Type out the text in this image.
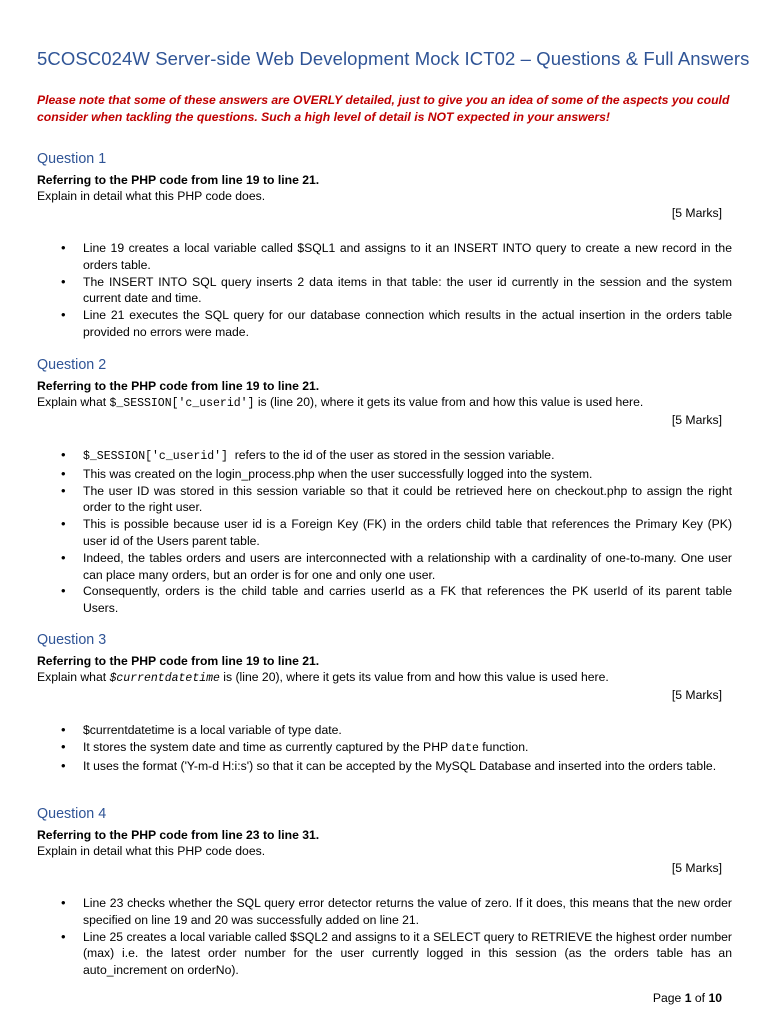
5COSC024W Server-side Web Development Mock ICT02 – Questions & Full Answers

Please note that some of these answers are OVERLY detailed, just to give you an idea of some of the aspects you could consider when tackling the questions. Such a high level of detail is NOT expected in your answers!

Question 1
Referring to the PHP code from line 19 to line 21.
Explain in detail what this PHP code does.
[5 Marks]
• Line 19 creates a local variable called $SQL1 and assigns to it an INSERT INTO query to create a new record in the orders table.
• The INSERT INTO SQL query inserts 2 data items in that table: the user id currently in the session and the system current date and time.
• Line 21 executes the SQL query for our database connection which results in the actual insertion in the orders table provided no errors were made.
Question 2
Referring to the PHP code from line 19 to line 21.
Explain what $_SESSION['c_userid'] is (line 20), where it gets its value from and how this value is used here.
[5 Marks]
• $_SESSION['c_userid']  refers to the id of the user as stored in the session variable.
• This was created on the login_process.php when the user successfully logged into the system.
• The user ID was stored in this session variable so that it could be retrieved here on checkout.php to assign the right order to the right user.
• This is possible because user id is a Foreign Key (FK) in the orders child table that references the Primary Key (PK) user id of the Users parent table.
• Indeed, the tables orders and users are interconnected with a relationship with a cardinality of one-to-many. One user can place many orders, but an order is for one and only one user.
• Consequently, orders is the child table and carries userId as a FK that references the PK userId of its parent table Users.
Question 3
Referring to the PHP code from line 19 to line 21.
Explain what $currentdatetime is (line 20), where it gets its value from and how this value is used here.
[5 Marks]
• $currentdatetime is a local variable of type date.
• It stores the system date and time as currently captured by the PHP date function.
• It uses the format ('Y-m-d H:i:s') so that it can be accepted by the MySQL Database and inserted into the orders table.
Question 4
Referring to the PHP code from line 23 to line 31.
Explain in detail what this PHP code does.
[5 Marks]
• Line 23 checks whether the SQL query error detector returns the value of zero. If it does, this means that the new order specified on line 19 and 20 was successfully added on line 21.
• Line 25 creates a local variable called $SQL2 and assigns to it a SELECT query to RETRIEVE the highest order number (max) i.e. the latest order number for the user currently logged in this session (as the orders table has an auto_increment on orderNo).
Page 1 of 10
